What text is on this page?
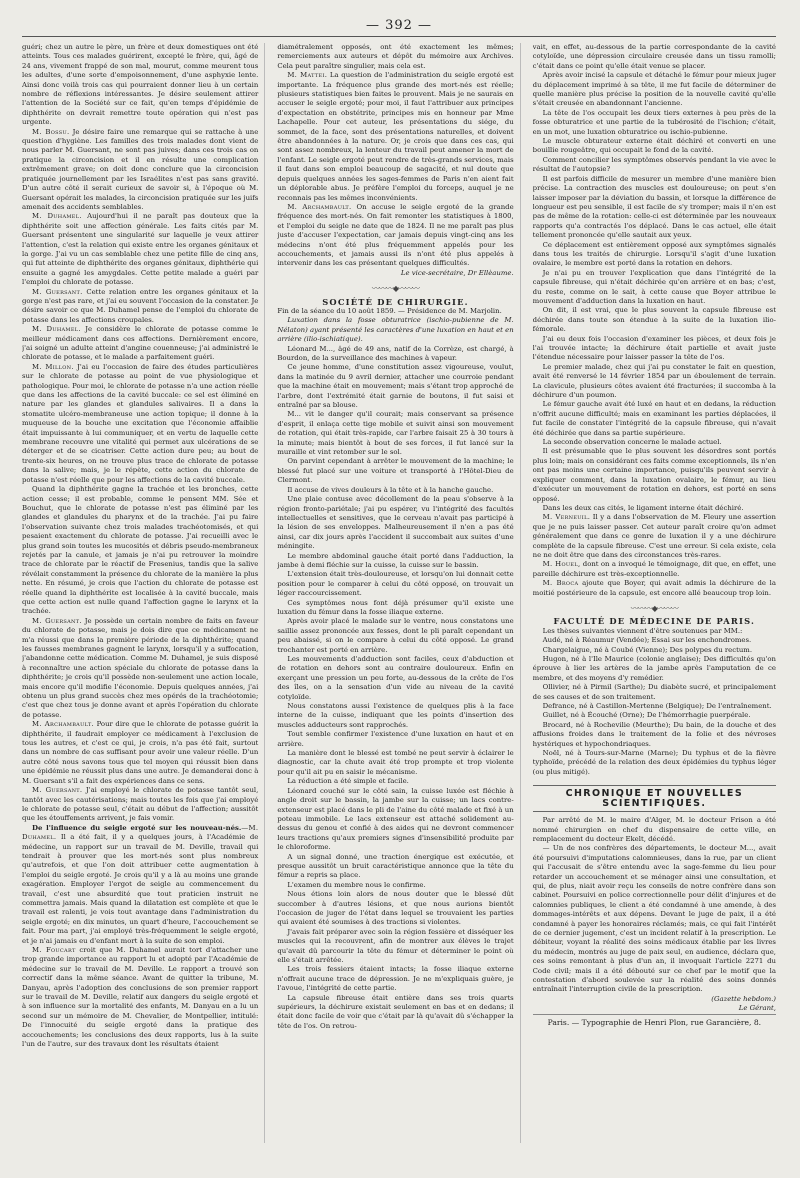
— 392 —

guéri; chez un autre le père, un frère et deux domestiques ont été atteints. Tous ces malades guérirent, excepté le frère, qui, âgé de 24 ans, vivement frappé de son mal, mourut, comme meurent tous les adultes, d'une sorte d'empoisonnement, d'une asphyxie lente. Ainsi donc voilà trois cas qui pourraient donner lieu à un certain nombre de réflexions intéressantes. Je désire seulement attirer l'attention de la Société sur ce fait, qu'en temps d'épidémie de diphthérite on devrait remettre toute opération qui n'est pas urgente.

M. Bossu. Je désire faire une remarque qui se rattache à une question d'hygiène. Les familles des trois malades dont vient de nous parler M. Guersant, ne sont pas juives; dans ces trois cas on pratique la circoncision et il en résulte une complication extrêmement grave; on doit donc conclure que la circoncision pratiquée journellement par les Israélites n'est pas sans gravité. D'un autre côté il serait curieux de savoir si, à l'époque où M. Guersant opérait les malades, la circoncision pratiquée sur les juifs amenait des accidents semblables.

M. Duhamel. Aujourd'hui il ne paraît pas douteux que la diphthérite soit une affection générale. Les faits cités par M. Guersant présentent une singularité sur laquelle je veux attirer l'attention, c'est la relation qui existe entre les organes génitaux et la gorge. J'ai vu un cas semblable chez une petite fille de cinq ans, qui fut atteinte de diphthérite des organes génitaux, diphthérie qui ensuite a gagné les amygdales. Cette petite malade a guéri par l'emploi du chlorate de potasse.

M. Guersant. Cette relation entre les organes génitaux et la gorge n'est pas rare, et j'ai eu souvent l'occasion de la constater. Je désire savoir ce que M. Duhamel pense de l'emploi du chlorate de potasse dans les affections croupales.

M. Duhamel. Je considère le chlorate de potasse comme le meilleur médicament dans ces affections. Dernièrement encore, j'ai soigné un adulte atteint d'angine couenneuse; j'ai administré le chlorate de potasse, et le malade a parfaitement guéri.

M. Millon. J'ai eu l'occasion de faire des études particulières sur le chlorate de potasse au point de vue physiologique et pathologique. Pour moi, le chlorate de potasse n'a une action réelle que dans les affections de la cavité buccale: ce sel est éliminé en nature par les glandes et glandules salivaires. Il a dans la stomatite ulcéro-membraneuse une action topique; il donne à la muqueuse de la bouche une excitation que l'économie affaiblie était impuissante à lui communiquer, et en vertu de laquelle cette membrane recouvre une vitalité qui permet aux ulcérations de se déterger et de se cicatriser. Cette action dure peu; au bout de trente-six heures, on ne trouve plus trace de chlorate de potasse dans la salive; mais, je le répète, cette action du chlorate de potasse n'est réelle que pour les affections de la cavité buccale.

Quand la diphthérite gagne la trachée et les bronches, cette action cesse; il est probable, comme le pensent MM. Sée et Bouchut, que le chlorate de potasse n'est pas éliminé par les glandes et glandules du pharynx et de la trachée. J'ai pu faire l'observation suivante chez trois malades trachéotomisés, et qui pesaient exactement du chlorate de potasse. J'ai recueilli avec le plus grand soin toutes les mucosités et débris pseudo-membraneux rejetés par la canule, et jamais je n'ai pu retrouver la moindre trace de chlorate par le réactif de Fresenius, tandis que la salive révélait constamment la présence du chlorate de la manière la plus nette. En résumé, je crois que l'action du chlorate de potasse est réelle quand la diphthérite est localisée à la cavité buccale, mais que cette action est nulle quand l'affection gagne le larynx et la trachée.

M. Guersant. Je possède un certain nombre de faits en faveur du chlorate de potasse, mais je dois dire que ce médicament ne m'a réussi que dans la première période de la diphthérite; quand les fausses membranes gagnent le larynx, lorsqu'il y a suffocation, j'abandonne cette médication. Comme M. Duhamel, je suis disposé à reconnaître une action spéciale du chlorate de potasse dans la diphthérite; je crois qu'il possède non-seulement une action locale, mais encore qu'il modifie l'économie. Depuis quelques années, j'ai obtenu un plus grand succès chez mes opérés de la trachéotomie; c'est que chez tous je donne avant et après l'opération du chlorate de potasse.

M. Archambault. Pour dire que le chlorate de potasse guérit la diphthérite, il faudrait employer ce médicament à l'exclusion de tous les autres, et c'est ce qui, je crois, n'a pas été fait, surtout dans un nombre de cas suffisant pour avoir une valeur réelle. D'un autre côté nous savons tous que tel moyen qui réussit bien dans une épidémie ne réussit plus dans une autre. Je demanderai donc à M. Guersant s'il a fait des expériences dans ce sens.

M. Guersant. J'ai employé le chlorate de potasse tantôt seul, tantôt avec les cautérisations; mais toutes les fois que j'ai employé le chlorate de potasse seul, c'était au début de l'affection; aussitôt que les étouffements arrivent, je fais vomir.

De l'influence du seigle ergoté sur les nouveau-nés.—M. Duhamel. Il a été fait, il y a quelques jours, à l'Académie de médecine, un rapport sur un travail de M. Deville, travail qui tendrait à prouver que les mort-nés sont plus nombreux qu'autrefois, et que l'on doit attribuer cette augmentation à l'emploi du seigle ergoté. Je crois qu'il y a là au moins une grande exagération. Employer l'ergot de seigle au commencement du travail, c'est une absurdité que tout praticien instruit ne commettra jamais. Mais quand la dilatation est complète et que le travail est ralenti, je vois tout avantage dans l'administration du seigle ergoté; en dix minutes, un quart d'heure, l'accouchement se fait. Pour ma part, j'ai employé très-fréquemment le seigle ergoté, et je n'ai jamais eu d'enfant mort à la suite de son emploi.

M. Foucart croit que M. Duhamel aurait tort d'attacher une trop grande importance au rapport lu et adopté par l'Académie de médecine sur le travail de M. Deville. Le rapport a trouvé son correctif dans la même séance. Avant de quitter la tribune, M. Danyau, après l'adoption des conclusions de son premier rapport sur le travail de M. Deville, relatif aux dangers du seigle ergoté et à son influence sur la mortalité des enfants, M. Danyau en a lu un second sur un mémoire de M. Chevalier, de Montpellier, intitulé: De l'innocuité du seigle ergoté dans la pratique des accouchements; les conclusions des deux rapports, lus à la suite l'un de l'autre, sur des travaux dont les résultats étaient

diamétralement opposés, ont été exactement les mêmes; remerciements aux auteurs et dépôt du mémoire aux Archives. Cela peut paraître singulier, mais cela est.

M. Mattei. La question de l'administration du seigle ergoté est importante. La fréquence plus grande des mort-nés est réelle; plusieurs statistiques bien faites le prouvent. Mais je ne saurais en accuser le seigle ergoté; pour moi, il faut l'attribuer aux principes d'expectation en obstétrite, principes mis en honneur par Mme Lachapelle. Pour cet auteur, les présentations du siége, du sommet, de la face, sont des présentations naturelles, et doivent être abandonnées à la nature. Or, je crois que dans ces cas, qui sont assez nombreux, la lenteur du travail peut amener la mort de l'enfant. Le seigle ergoté peut rendre de très-grands services, mais il faut dans son emploi beaucoup de sagacité, et nul doute que depuis quelques années les sages-femmes de Paris n'en aient fait un déplorable abus. Je préfère l'emploi du forceps, auquel je ne reconnais pas les mêmes inconvénients.

M. Archambault. On accuse le seigle ergoté de la grande fréquence des mort-nés. On fait remonter les statistiques à 1800, et l'emploi du seigle ne date que de 1824. Il ne me paraît pas plus juste d'accuser l'expectation, car jamais depuis vingt-cinq ans les médecins n'ont été plus fréquemment appelés pour les accouchements, et jamais aussi ils n'ont été plus appelés à intervenir dans les cas présentant quelques difficultés.

Le vice-secrétaire, Dr Ellèaume.

〰〰〰◆〰〰〰

SOCIÉTÉ DE CHIRURGIE.

Fin de la séance du 10 août 1859. — Présidence de M. Marjolin.

Luxation dans la fosse obturatrice (ischio-pubienne de M. Nélaton) ayant présenté les caractères d'une luxation en haut et en arrière (ilio-ischiatique).

Léonard M..., âgé de 49 ans, natif de la Corrèze, est chargé, à Bourdon, de la surveillance des machines à vapeur.

Ce jeune homme, d'une constitution assez vigoureuse, voulut, dans la matinée du 9 avril dernier, attacher une courroie pendant que la machine était en mouvement; mais s'étant trop approché de l'arbre, dont l'extrémité était garnie de boutons, il fut saisi et entraîné par sa blouse.

M... vit le danger qu'il courait; mais conservant sa présence d'esprit, il enlaça cette tige mobile et suivit ainsi son mouvement de rotation, qui était très-rapide, car l'arbre faisait 25 à 30 tours à la minute; mais bientôt à bout de ses forces, il fut lancé sur la muraille et vint retomber sur le sol.

On parvint cependant à arrêter le mouvement de la machine; le blessé fut placé sur une voiture et transporté à l'Hôtel-Dieu de Clermont.

Il accuse de vives douleurs à la tête et à la hanche gauche.

Une plaie contuse avec décollement de la peau s'observe à la région fronto-pariétale; j'ai pu espérer, vu l'intégrité des facultés intellectuelles et sensitives, que le cerveau n'avait pas participé à la lésion de ses enveloppes. Malheureusement il n'en a pas été ainsi, car dix jours après l'accident il succombait aux suites d'une méningite.

Le membre abdominal gauche était porté dans l'adduction, la jambe à demi fléchie sur la cuisse, la cuisse sur le bassin.

L'extension était très-douloureuse, et lorsqu'on lui donnait cette position pour le comparer à celui du côté opposé, on trouvait un léger raccourcissement.

Ces symptômes nous font déjà présumer qu'il existe une luxation du fémur dans la fosse iliaque externe.

Après avoir placé le malade sur le ventre, nous constatons une saillie assez prononcée aux fesses, dont le pli paraît cependant un peu abaissé, si on le compare à celui du côté opposé. Le grand trochanter est porté en arrière.

Les mouvements d'adduction sont faciles, ceux d'abduction et de rotation en dehors sont au contraire douloureux. Enfin en exerçant une pression un peu forte, au-dessous de la crête de l'os des îles, on a la sensation d'un vide au niveau de la cavité cotyloïde.

Nous constatons aussi l'existence de quelques plis à la face interne de la cuisse, indiquant que les points d'insertion des muscles adducteurs sont rapprochés.

Tout semble confirmer l'existence d'une luxation en haut et en arrière.

La manière dont le blessé est tombé ne peut servir à éclairer le diagnostic, car la chute avait été trop prompte et trop violente pour qu'il ait pu en saisir le mécanisme.

La réduction a été simple et facile.

Léonard couché sur le côté sain, la cuisse luxée est fléchie à angle droit sur le bassin, la jambe sur la cuisse; un lacs contre-extenseur est placé dans le pli de l'aine du côté malade et fixé à un poteau immobile. Le lacs extenseur est attaché solidement au-dessus du genou et confié à des aides qui ne devront commencer leurs tractions qu'aux premiers signes d'insensibilité produite par le chloroforme.

A un signal donné, une traction énergique est exécutée, et presque aussitôt un bruit caractéristique annonce que la tête du fémur a repris sa place.

L'examen du membre nous le confirme.

Nous étions loin alors de nous douter que le blessé dût succomber à d'autres lésions, et que nous aurions bientôt l'occasion de juger de l'état dans lequel se trouvaient les parties qui avaient été soumises à des tractions si violentes.

J'avais fait préparer avec soin la région fessière et disséquer les muscles qui la recouvrent, afin de montrer aux élèves le trajet qu'avait dû parcourir la tête du fémur et déterminer le point où elle s'était arrêtée.

Les trois fessiers étaient intacts; la fosse iliaque externe n'offrait aucune trace de dépression. Je ne m'expliquais guère, je l'avoue, l'intégrité de cette partie.

La capsule fibreuse était entière dans ses trois quarts supérieurs, la déchirure existait seulement en bas et en dedans; il était donc facile de voir que c'était par là qu'avait dû s'échapper la tête de l'os. On retrou-

vait, en effet, au-dessous de la partie correspondante de la cavité cotyloïde, une dépression circulaire creusée dans un tissu ramolli; c'était dans ce point qu'elle était venue se placer.

Après avoir incisé la capsule et détaché le fémur pour mieux juger du déplacement imprimé à sa tête, il me fut facile de déterminer de quelle manière plus précise la position de la nouvelle cavité qu'elle s'était creusée en abandonnant l'ancienne.

La tête de l'os occupait les deux tiers externes à peu près de la fosse obturatrice et une partie de la tubérosité de l'ischion; c'était, en un mot, une luxation obturatrice ou ischio-pubienne.

Le muscle obturateur externe était déchiré et converti en une bouillie rougeâtre, qui occupait le fond de la cavité.

Comment concilier les symptômes observés pendant la vie avec le résultat de l'autopsie?

Il est parfois difficile de mesurer un membre d'une manière bien précise. La contraction des muscles est douloureuse; on peut s'en laisser imposer par la déviation du bassin, et lorsque la différence de longueur est peu sensible, il est facile de s'y tromper; mais il n'en est pas de même de la rotation: celle-ci est déterminée par les nouveaux rapports qu'a contractés l'os déplacé. Dans le cas actuel, elle était tellement prononcée qu'elle sautait aux yeux.

Ce déplacement est entièrement opposé aux symptômes signalés dans tous les traités de chirurgie. Lorsqu'il s'agit d'une luxation ovalaire, le membre est porté dans la rotation en dehors.

Je n'ai pu en trouver l'explication que dans l'intégrité de la capsule fibreuse, qui n'était déchirée qu'en arrière et en bas; c'est, du reste, comme on le sait, à cette cause que Boyer attribue le mouvement d'adduction dans la luxation en haut.

On dit, il est vrai, que le plus souvent la capsule fibreuse est déchirée dans toute son étendue à la suite de la luxation ilio-fémorale.

J'ai eu deux fois l'occasion d'examiner les pièces, et deux fois je l'ai trouvée intacte; la déchirure était partielle et avait juste l'étendue nécessaire pour laisser passer la tête de l'os.

Le premier malade, chez qui j'ai pu constater le fait en question, avait été renversé le 14 février 1854 par un éboulement de terrain. La clavicule, plusieurs côtes avaient été fracturées; il succomba à la déchirure d'un poumon.

Le fémur gauche avait été luxé en haut et en dedans, la réduction n'offrit aucune difficulté; mais en examinant les parties déplacées, il fut facile de constater l'intégrité de la capsule fibreuse, qui n'avait été déchirée que dans sa partie supérieure.

La seconde observation concerne le malade actuel.

Il est présumable que le plus souvent les désordres sont portés plus loin; mais on considérant ces faits comme exceptionnels, ils n'en ont pas moins une certaine importance, puisqu'ils peuvent servir à expliquer comment, dans la luxation ovalaire, le fémur, au lieu d'exécuter un mouvement de rotation en dehors, est porté en sens opposé.

Dans les deux cas cités, le ligament interne était déchiré.

M. Verneuil. Il y a dans l'observation de M. Fleury une assertion que je ne puis laisser passer. Cet auteur paraît croire qu'on admet généralement que dans ce genre de luxation il y a une déchirure complète de la capsule fibreuse. C'est une erreur. Si cela existe, cela ne ne doit être que dans des circonstances très-rares.

M. Houel, dont on a invoqué le témoignage, dit que, en effet, une pareille déchirure est très-exceptionnelle.

M. Broca ajoute que Boyer, qui avait admis la déchirure de la moitié postérieure de la capsule, est encore allé beaucoup trop loin.

〰〰〰◆〰〰〰

FACULTÉ DE MÉDECINE DE PARIS.

Les thèses suivantes viennent d'être soutenues par MM.:

Audé, né à Réaumur (Vendée); Essai sur les enchondromes.

Chargelaigue, né à Coubé (Vienne); Des polypes du rectum.

Hugon, né à l'Ile Maurice (colonie anglaise); Des difficultés qu'on éprouve à lier les artères de la jambe après l'amputation de ce membre, et des moyens d'y remédier.

Ollivier, né à Pirmil (Sarthe); Du diabète sucré, et principalement de ses causes et de son traitement.

Defrance, né à Castillon-Mertenne (Belgique); De l'entraînement.

Guillet, né à Écouché (Orne); De l'hémorrhagie puerpérale.

Brocard, né à Rochevilie (Meurthe); Du bain, de la douche et des affusions froides dans le traitement de la folie et des névroses hystériques et hypochondriaques.

Noël, né à Tours-sur-Marne (Marne); Du typhus et de la fièvre typhoïde, précédé de la relation des deux épidémies du typhus léger (ou plus mitigé).

CHRONIQUE ET NOUVELLES SCIENTIFIQUES.

Par arrêté de M. le maire d'Alger, M. le docteur Frison a été nommé chirurgien en chef du dispensaire de cette ville, en remplacement du docteur Ekelt, décédé.

— Un de nos confrères des départements, le docteur M..., avait été poursuivi d'imputations calomnieuses, dans la rue, par un client qui l'accusait de s'être entendu avec la sage-femme du lieu pour retarder un accouchement et se ménager ainsi une consultation, et qui, de plus, niait avoir reçu les conseils de notre confrère dans son cabinet. Poursuivi en police correctionnelle pour délit d'injures et de calomnies publiques, le client a été condamné à une amende, à des dommages-intérêts et aux dépens. Devant le juge de paix, il a été condamné à payer les honoraires réclamés; mais, ce qui fait l'intérêt de ce dernier jugement, c'est un incident relatif à la prescription. Le débiteur, voyant la réalité des soins médicaux établie par les livres du médecin, montrés au juge de paix seul, en audience, déclara que, ces soins remontant à plus d'un an, il invoquait l'article 2271 du Code civil; mais il a été débouté sur ce chef par le motif que la contestation d'abord soulevée sur la réalité des soins donnés entraînait l'interruption civile de la prescription.

(Gazette hebdom.)

Le Gérant,

Paris. — Typographie de Henri Plon, rue Garancière, 8.
